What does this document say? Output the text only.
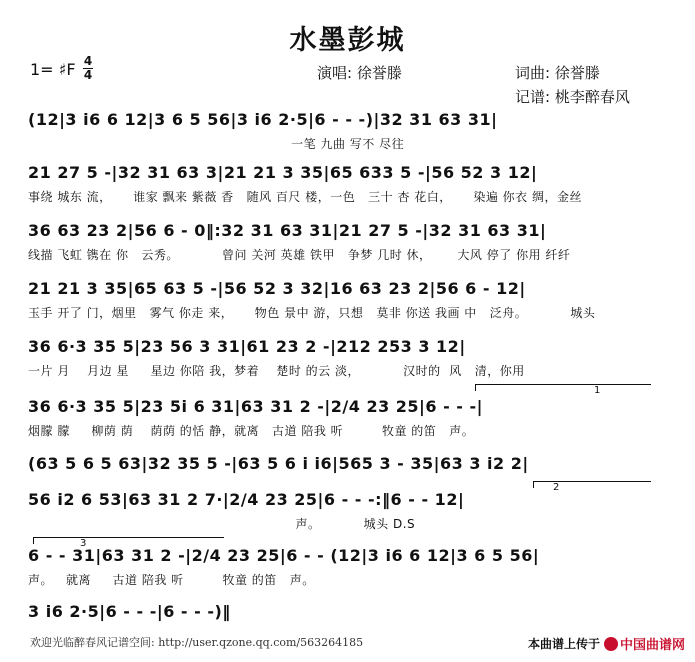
水墨彭城
1= ♯F 4
4	演唱: 徐誉滕	词曲: 徐誉滕
记谱: 桃李醉春风
(12|3 i6 6 12|3 6 5 56|3 i6 2·5|6 - - -)|32 31 63 31|
一笔 九曲 写不 尽往
21 27 5 -|32 31 63 3|21 21 3 35|65 633 5 -|56 52 3 12|
事绕 城东 流，     谁家 飘来 紫薇 香   随风 百尺 楼，一色   三十 杏 花白，     染遍 你衣 绸，金丝
36 63 23 2|56 6 - 0‖:32 31 63 31|21 27 5 -|32 31 63 31|
线描 飞虹 镌在 你   云秀。          曾问 关河 英雄 铁甲   争梦 几时 休，      大风 停了 你用 纤纤
21 21 3 35|65 63 5 -|56 52 3 32|16 63 23 2|56 6 - 12|
玉手 开了 门，烟里   雾气 你走 来，     物色 景中 游，只想   莫非 你送 我画 中   泛舟。          城头
36 6·3 35 5|23 56 3 31|61 23 2 -|212 253 3 12|
一片 月    月边 星     星边 你陪 我，梦着    楚时 的云 淡，          汉时的  风   清，你用
1
36 6·3 35 5|23 5i 6 31|63 31 2 -|2/4 23 25|6 - - -|
烟朦 朦     柳荫 荫    荫荫 的恬 静，就离   古道 陪我 听         牧童 的笛   声。
(63 5 6 5 63|32 35 5 -|63 5 6 i i6|565 3 - 35|63 3 i2 2|
2
56 i2 6 53|63 31 2 7·|2/4 23 25|6 - - -:‖6 - - 12|
声。          城头 D.S
3
6 - - 31|63 31 2 -|2/4 23 25|6 - - (12|3 i6 6 12|3 6 5 56|
声。   就离     古道 陪我 听         牧童 的笛   声。
3 i6 2·5|6 - - -|6 - - -)‖
欢迎光临醉春风记谱空间: http://user.qzone.qq.com/563264185	本曲谱上传于 中国曲谱网
